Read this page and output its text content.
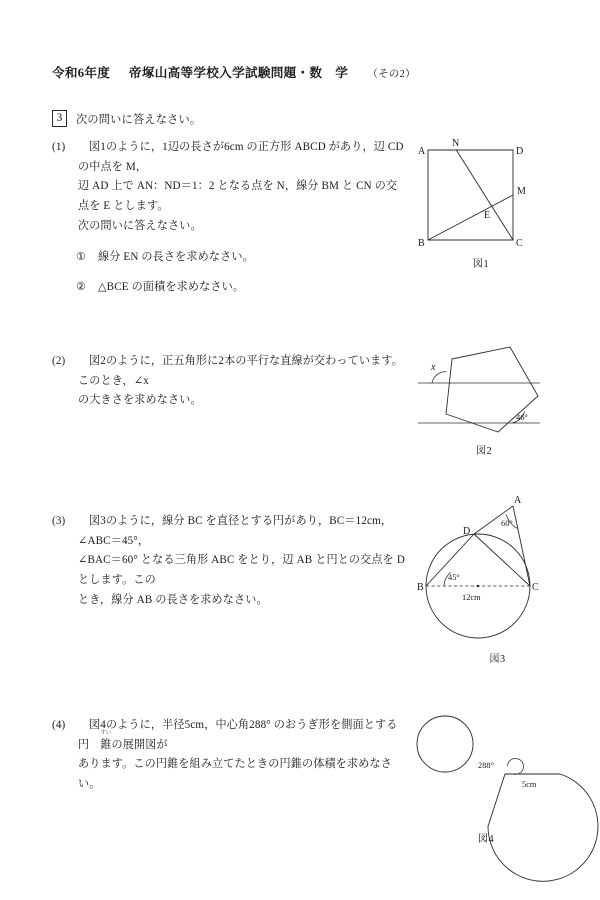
令和6年度 帝塚山高等学校入学試験問題・数　学 （その2）
3	次の問いに答えなさい。
(1)	図1のように，1辺の長さが6cm の正方形 ABCD があり，辺 CD の中点を M，

辺 AD 上で AN：ND＝1：2 となる点を N，線分 BM と CN の交点を E とします。

次の問いに答えなさい。

①	線分 EN の長さを求めなさい。
②	△BCE の面積を求めなさい。
A	D
B	C
N
M
E
図1
(2)	図2のように，正五角形に2本の平行な直線が交わっています。このとき，∠x

の大きさを求めなさい。

x
46°
図2
(3)	図3のように，線分 BC を直径とする円があり，BC＝12cm，∠ABC＝45°，

∠BAC＝60° となる三角形 ABC をとり，辺 AB と円との交点を D とします。この

とき，線分 AB の長さを求めなさい。

45°
60°
A
B	C
D
12cm
図3
(4)	図4のように，半径5cm，中心角288° のおうぎ形を側面とする円
すい
錐の展開図が

あります。この円錐を組み立てたときの円錐の体積を求めなさい。

288°
5cm
図4
